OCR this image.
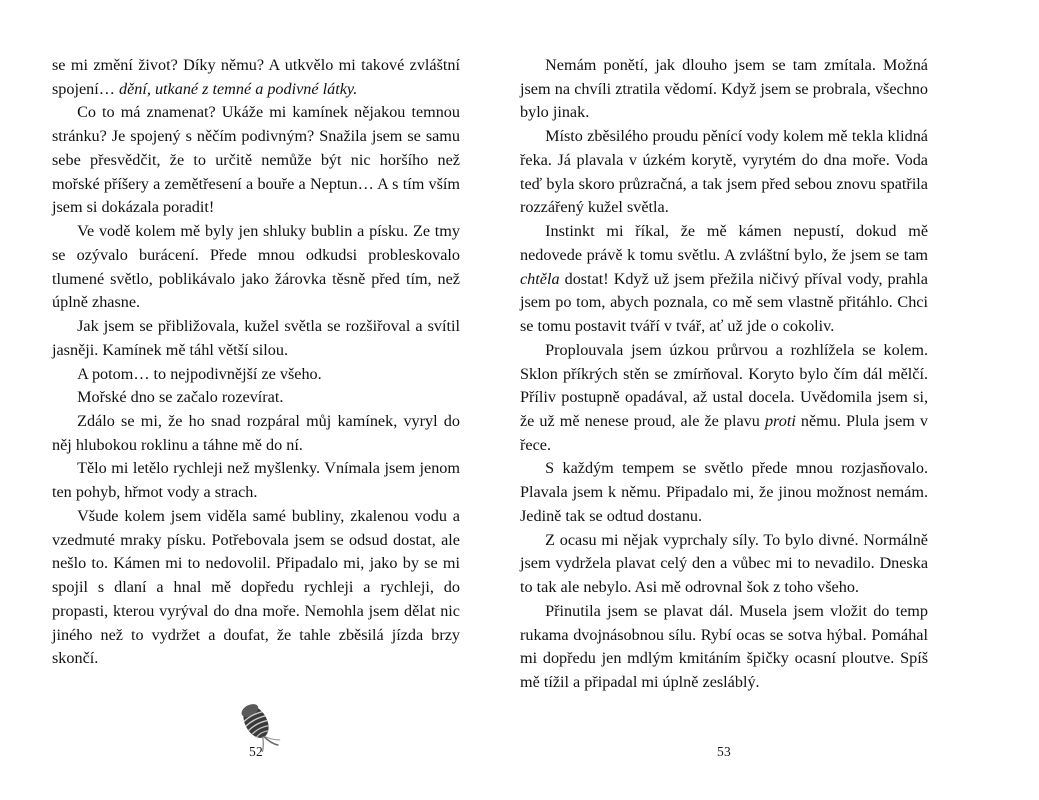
se mi změní život? Díky němu? A utkvělo mi takové zvláštní spojení… dění, utkané z temné a podivné látky.

Co to má znamenat? Ukáže mi kamínek nějakou temnou stránku? Je spojený s něčím podivným? Snažila jsem se samu sebe přesvědčit, že to určitě nemůže být nic horšího než mořské příšery a zemětřesení a bouře a Neptun… A s tím vším jsem si dokázala poradit!

Ve vodě kolem mě byly jen shluky bublin a písku. Ze tmy se ozývalo burácení. Přede mnou odkudsi probleskovalo tlumené světlo, poblikávalo jako žárovka těsně před tím, než úplně zhasne.

Jak jsem se přibližovala, kužel světla se rozšiřoval a svítil jasněji. Kamínek mě táhl větší silou.

A potom… to nejpodivnější ze všeho.

Mořské dno se začalo rozevírat.

Zdálo se mi, že ho snad rozpáral můj kamínek, vyryl do něj hlubokou roklinu a táhne mě do ní.

Tělo mi letělo rychleji než myšlenky. Vnímala jsem jenom ten pohyb, hřmot vody a strach.

Všude kolem jsem viděla samé bubliny, zkalenou vodu a vzedmuté mraky písku. Potřebovala jsem se odsud dostat, ale nešlo to. Kámen mi to nedovolil. Připadalo mi, jako by se mi spojil s dlaní a hnal mě dopředu rychleji a rychleji, do propasti, kterou vyrýval do dna moře. Nemohla jsem dělat nic jiného než to vydržet a doufat, že tahle zběsilá jízda brzy skončí.

52

Nemám ponětí, jak dlouho jsem se tam zmítala. Možná jsem na chvíli ztratila vědomí. Když jsem se probrala, všechno bylo jinak.

Místo zběsilého proudu pěnící vody kolem mě tekla klidná řeka. Já plavala v úzkém korytě, vyrytém do dna moře. Voda teď byla skoro průzračná, a tak jsem před sebou znovu spatřila rozzářený kužel světla.

Instinkt mi říkal, že mě kámen nepustí, dokud mě nedovede právě k tomu světlu. A zvláštní bylo, že jsem se tam chtěla dostat! Když už jsem přežila ničivý příval vody, prahla jsem po tom, abych poznala, co mě sem vlastně přitáhlo. Chci se tomu postavit tváří v tvář, ať už jde o cokoliv.

Proplouvala jsem úzkou průrvou a rozhlížela se kolem. Sklon příkrých stěn se zmírňoval. Koryto bylo čím dál mělčí. Příliv postupně opadával, až ustal docela. Uvědomila jsem si, že už mě nenese proud, ale že plavu proti němu. Plula jsem v řece.

S každým tempem se světlo přede mnou rozjasňovalo. Plavala jsem k němu. Připadalo mi, že jinou možnost nemám. Jedině tak se odtud dostanu.

Z ocasu mi nějak vyprchaly síly. To bylo divné. Normálně jsem vydržela plavat celý den a vůbec mi to nevadilo. Dneska to tak ale nebylo. Asi mě odrovnal šok z toho všeho.

Přinutila jsem se plavat dál. Musela jsem vložit do temp rukama dvojnásobnou sílu. Rybí ocas se sotva hýbal. Pomáhal mi dopředu jen mdlým kmitáním špičky ocasní ploutve. Spíš mě tížil a připadal mi úplně zesláblý.

53
